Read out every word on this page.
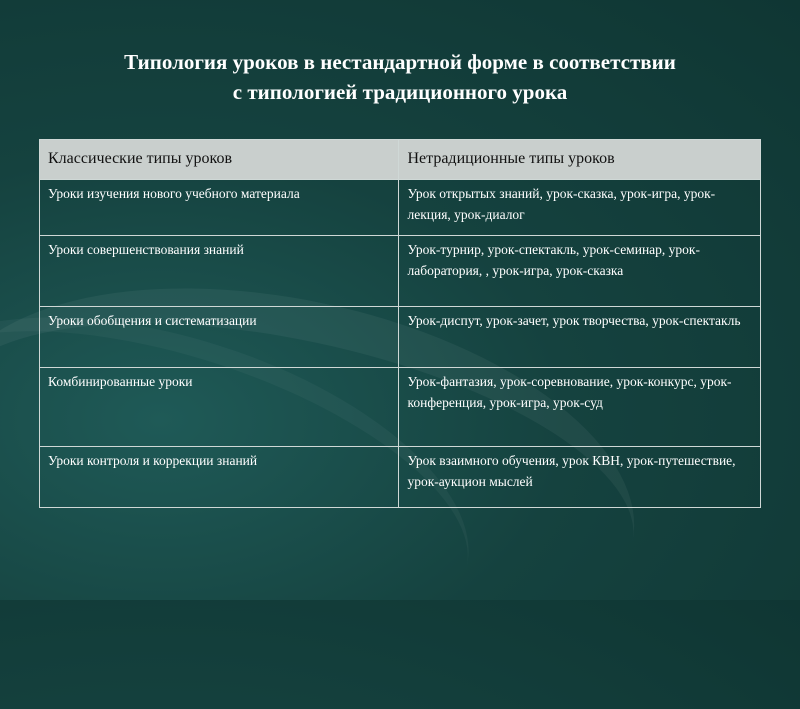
Типология уроков в нестандартной форме в соответствии
с типологией традиционного урока
Классические типы уроков	Нетрадиционные типы уроков
Уроки изучения нового учебного материала	Урок открытых знаний, урок-сказка, урок-игра, урок-лекция, урок-диалог
Уроки совершенствования знаний	Урок-турнир, урок-спектакль, урок-семинар, урок-лаборатория, , урок-игра, урок-сказка
Уроки обобщения и систематизации	Урок-диспут, урок-зачет, урок творчества, урок-спектакль
Комбинированные уроки	Урок-фантазия, урок-соревнование, урок-конкурс, урок-конференция, урок-игра, урок-суд
Уроки контроля и коррекции знаний	Урок взаимного обучения, урок КВН, урок-путешествие, урок-аукцион мыслей
